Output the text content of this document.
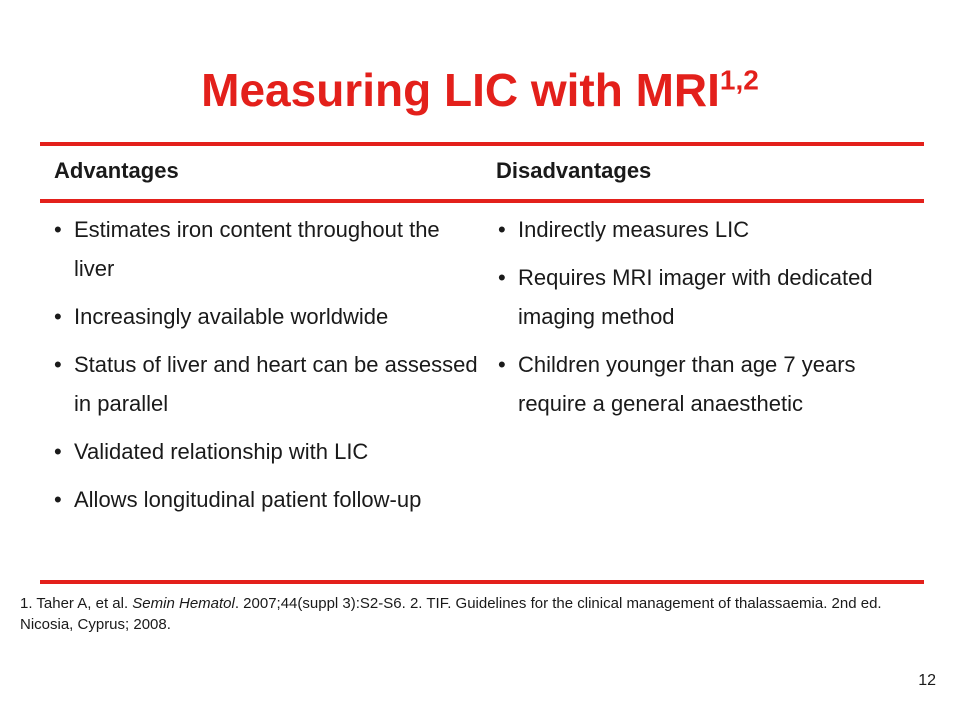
Measuring LIC with MRI$^{1,2}$
Advantages	Disadvantages
• Estimates iron content throughout the liver
• Increasingly available worldwide
• Status of liver and heart can be assessed in parallel
• Validated relationship with LIC
• Allows longitudinal patient follow-up
• Indirectly measures LIC
• Requires MRI imager with dedicated imaging method
• Children younger than age 7 years require a general anaesthetic
1. Taher A, et al. Semin Hematol. 2007;44(suppl 3):S2-S6. 2. TIF. Guidelines for the clinical management of thalassaemia. 2nd ed. Nicosia, Cyprus; 2008.
12
